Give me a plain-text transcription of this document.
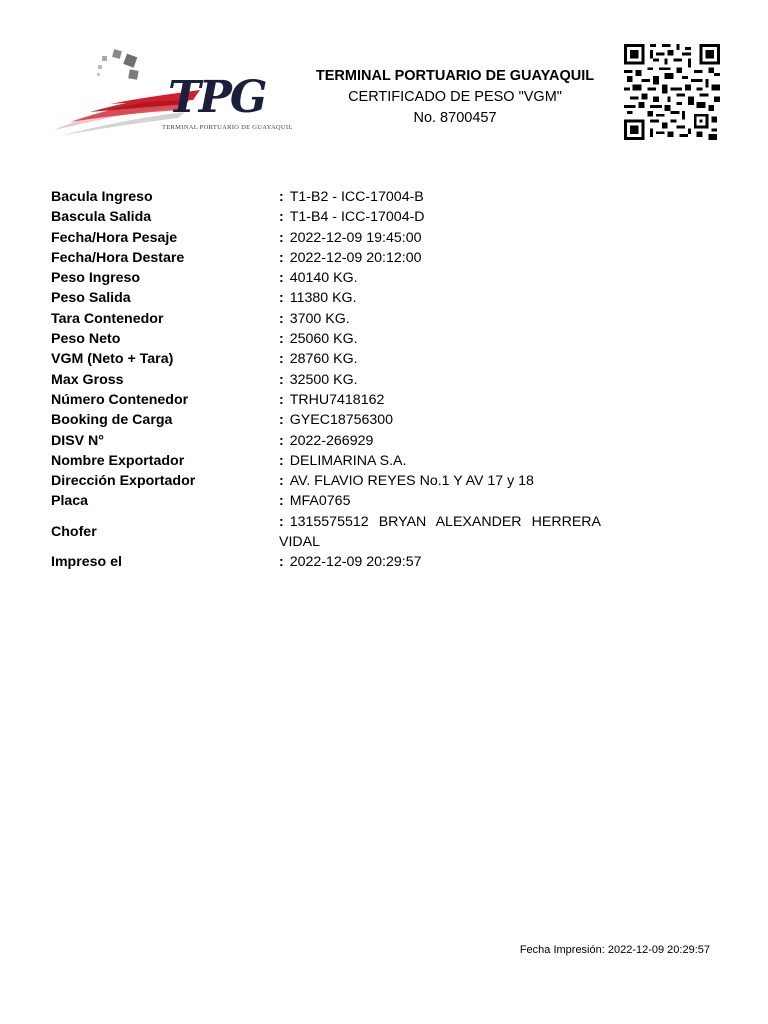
TPG
TERMINAL PORTUARIO DE GUAYAQUIL
TERMINAL PORTUARIO DE GUAYAQUIL
CERTIFICADO DE PESO "VGM"
No. 8700457
Bacula Ingreso	: T1-B2 - ICC-17004-B
Bascula Salida	: T1-B4 - ICC-17004-D
Fecha/Hora Pesaje	: 2022-12-09 19:45:00
Fecha/Hora Destare	: 2022-12-09 20:12:00
Peso Ingreso	: 40140 KG.
Peso Salida	: 11380 KG.
Tara Contenedor	: 3700 KG.
Peso Neto	: 25060 KG.
VGM (Neto + Tara)	: 28760 KG.
Max Gross	: 32500 KG.
Número Contenedor	: TRHU7418162
Booking de Carga	: GYEC18756300
DISV N°	: 2022-266929
Nombre Exportador	: DELIMARINA S.A.
Dirección Exportador	: AV. FLAVIO REYES No.1 Y AV 17 y 18
Placa	: MFA0765
Chofer
: 1315575512 BRYAN ALEXANDER HERRERA VIDAL
Impreso el	: 2022-12-09 20:29:57
Fecha Impresión: 2022-12-09 20:29:57
